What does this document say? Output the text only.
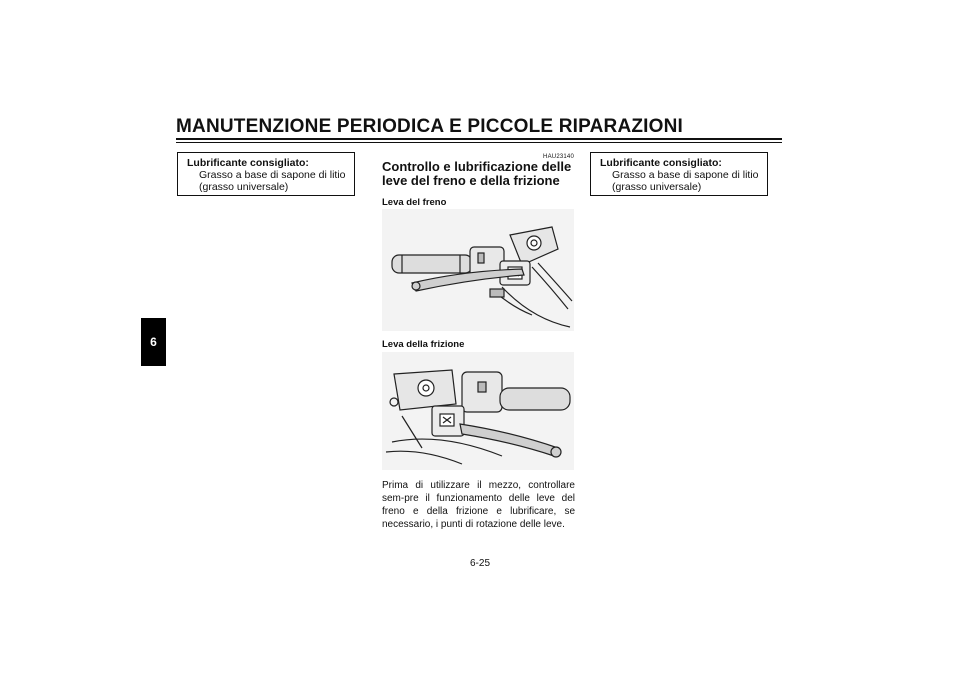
MANUTENZIONE PERIODICA E PICCOLE RIPARAZIONI
6
Lubrificante consigliato:
Grasso a base di sapone di litio
(grasso universale)
HAU23140
Controllo e lubrificazione delle leve del freno e della frizione

Leva del freno

Leva della frizione

Prima di utilizzare il mezzo, controllare sem-pre il funzionamento delle leve del freno e della frizione e lubrificare, se necessario, i punti di rotazione delle leve.

Lubrificante consigliato:
Grasso a base di sapone di litio
(grasso universale)
6-25
